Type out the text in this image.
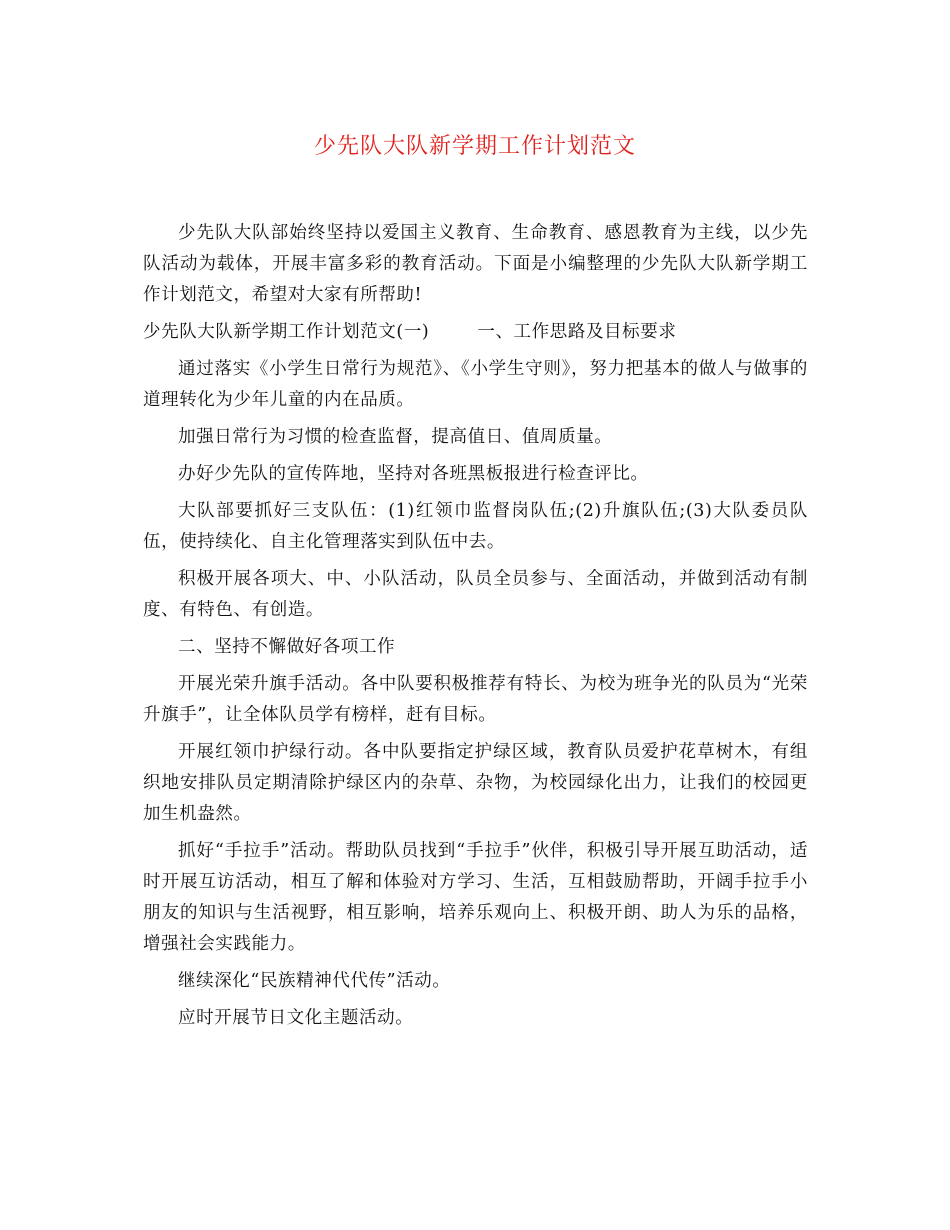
少先队大队新学期工作计划范文

少先队大队部始终坚持以爱国主义教育、生命教育、感恩教育为主线，以少先队活动为载体，开展丰富多彩的教育活动。下面是小编整理的少先队大队新学期工作计划范文，希望对大家有所帮助!

少先队大队新学期工作计划范文(一)	一、工作思路及目标要求

通过落实《小学生日常行为规范》、《小学生守则》，努力把基本的做人与做事的道理转化为少年儿童的内在品质。

加强日常行为习惯的检查监督，提高值日、值周质量。

办好少先队的宣传阵地，坚持对各班黑板报进行检查评比。

大队部要抓好三支队伍：(1)红领巾监督岗队伍;(2)升旗队伍;(3)大队委员队伍，使持续化、自主化管理落实到队伍中去。

积极开展各项大、中、小队活动，队员全员参与、全面活动，并做到活动有制度、有特色、有创造。

二、坚持不懈做好各项工作

开展光荣升旗手活动。各中队要积极推荐有特长、为校为班争光的队员为“光荣升旗手”，让全体队员学有榜样，赶有目标。

开展红领巾护绿行动。各中队要指定护绿区域，教育队员爱护花草树木，有组织地安排队员定期清除护绿区内的杂草、杂物，为校园绿化出力，让我们的校园更加生机盎然。

抓好“手拉手”活动。帮助队员找到“手拉手”伙伴，积极引导开展互助活动，适时开展互访活动，相互了解和体验对方学习、生活，互相鼓励帮助，开阔手拉手小朋友的知识与生活视野，相互影响，培养乐观向上、积极开朗、助人为乐的品格，增强社会实践能力。

继续深化“民族精神代代传”活动。

应时开展节日文化主题活动。
